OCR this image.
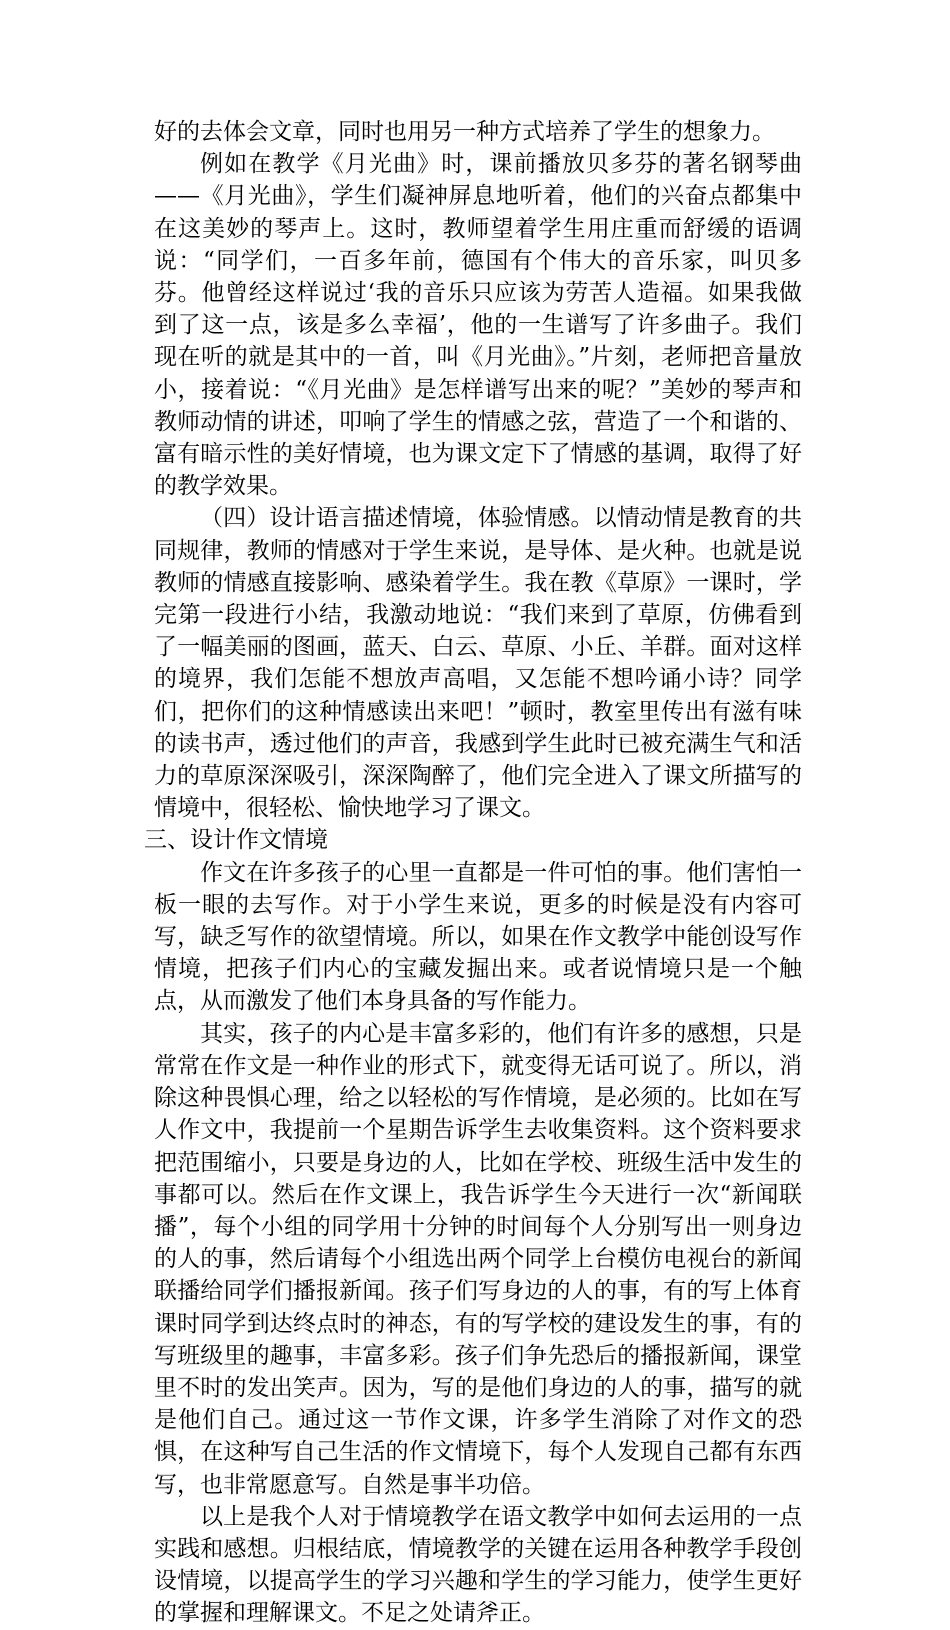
好的去体会文章，同时也用另一种方式培养了学生的想象力。

例如在教学《月光曲》时，课前播放贝多芬的著名钢琴曲——《月光曲》，学生们凝神屏息地听着，他们的兴奋点都集中在这美妙的琴声上。这时，教师望着学生用庄重而舒缓的语调说：“同学们，一百多年前，德国有个伟大的音乐家，叫贝多芬。他曾经这样说过‘我的音乐只应该为劳苦人造福。如果我做到了这一点，该是多么幸福’，他的一生谱写了许多曲子。我们现在听的就是其中的一首，叫《月光曲》。”片刻，老师把音量放小，接着说：“《月光曲》是怎样谱写出来的呢？”美妙的琴声和教师动情的讲述，叩响了学生的情感之弦，营造了一个和谐的、富有暗示性的美好情境，也为课文定下了情感的基调，取得了好的教学效果。

（四）设计语言描述情境，体验情感。以情动情是教育的共同规律，教师的情感对于学生来说，是导体、是火种。也就是说教师的情感直接影响、感染着学生。我在教《草原》一课时，学完第一段进行小结，我激动地说：“我们来到了草原，仿佛看到了一幅美丽的图画，蓝天、白云、草原、小丘、羊群。面对这样的境界，我们怎能不想放声高唱，又怎能不想吟诵小诗？同学们，把你们的这种情感读出来吧！”顿时，教室里传出有滋有味的读书声，透过他们的声音，我感到学生此时已被充满生气和活力的草原深深吸引，深深陶醉了，他们完全进入了课文所描写的情境中，很轻松、愉快地学习了课文。

三、设计作文情境

作文在许多孩子的心里一直都是一件可怕的事。他们害怕一板一眼的去写作。对于小学生来说，更多的时候是没有内容可写，缺乏写作的欲望情境。所以，如果在作文教学中能创设写作情境，把孩子们内心的宝藏发掘出来。或者说情境只是一个触点，从而激发了他们本身具备的写作能力。

其实，孩子的内心是丰富多彩的，他们有许多的感想，只是常常在作文是一种作业的形式下，就变得无话可说了。所以，消除这种畏惧心理，给之以轻松的写作情境，是必须的。比如在写人作文中，我提前一个星期告诉学生去收集资料。这个资料要求把范围缩小，只要是身边的人，比如在学校、班级生活中发生的事都可以。然后在作文课上，我告诉学生今天进行一次“新闻联播”，每个小组的同学用十分钟的时间每个人分别写出一则身边的人的事，然后请每个小组选出两个同学上台模仿电视台的新闻联播给同学们播报新闻。孩子们写身边的人的事，有的写上体育课时同学到达终点时的神态，有的写学校的建设发生的事，有的写班级里的趣事，丰富多彩。孩子们争先恐后的播报新闻，课堂里不时的发出笑声。因为，写的是他们身边的人的事，描写的就是他们自己。通过这一节作文课，许多学生消除了对作文的恐惧，在这种写自己生活的作文情境下，每个人发现自己都有东西写，也非常愿意写。自然是事半功倍。

以上是我个人对于情境教学在语文教学中如何去运用的一点实践和感想。归根结底，情境教学的关键在运用各种教学手段创设情境，以提高学生的学习兴趣和学生的学习能力，使学生更好的掌握和理解课文。不足之处请斧正。
